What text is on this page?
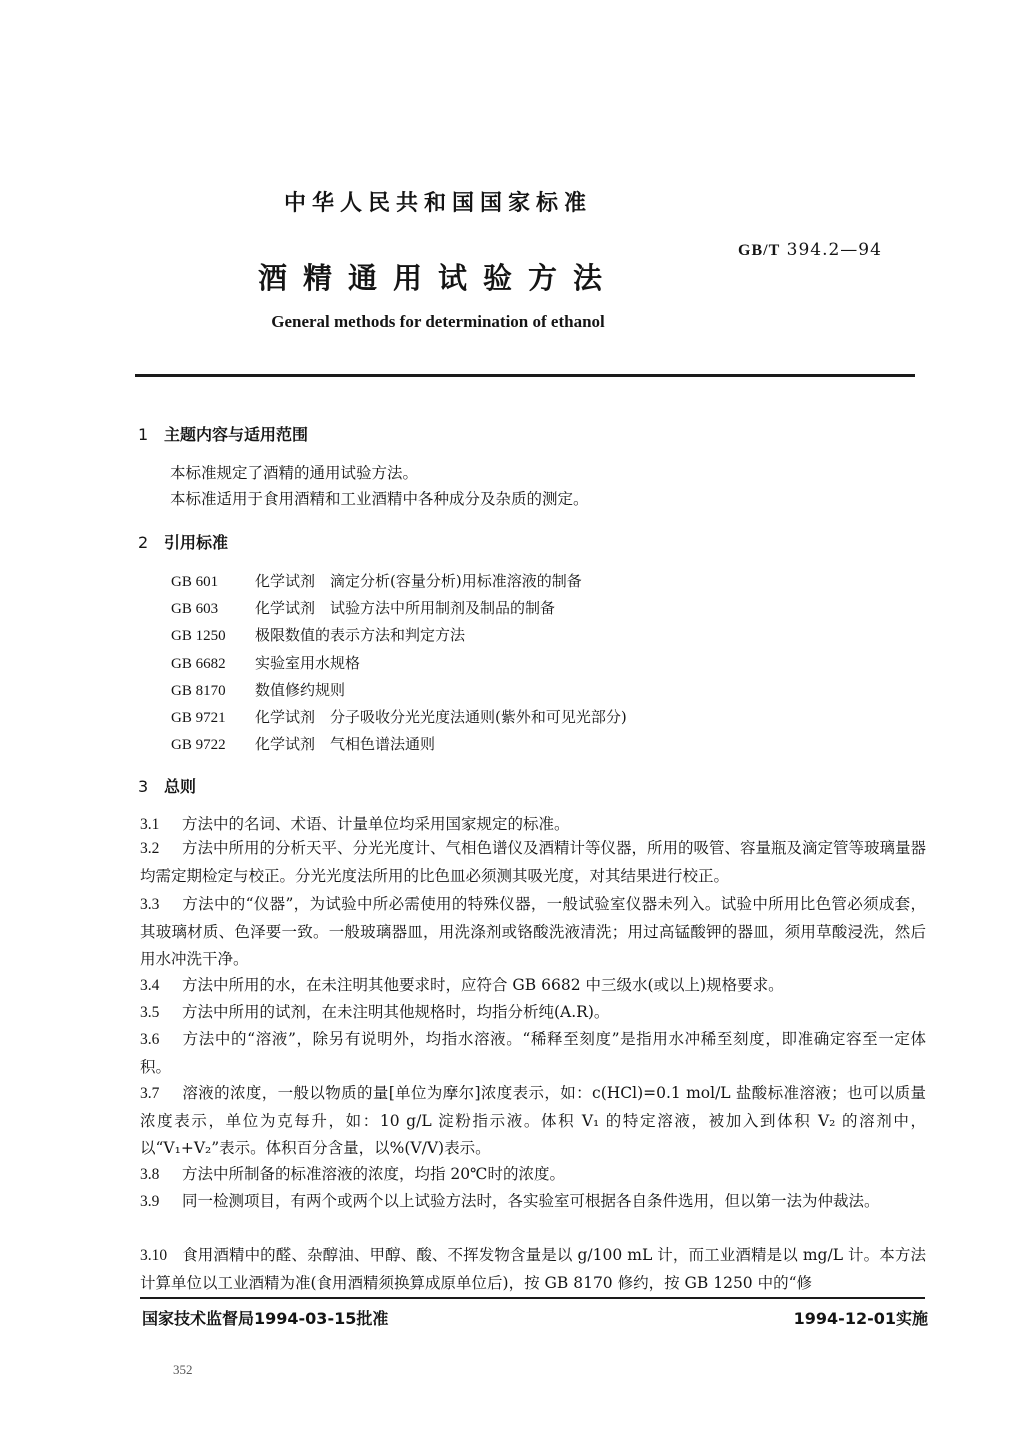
中华人民共和国国家标准
GB/T 394.2—94
酒精通用试验方法
General methods for determination of ethanol
1 主题内容与适用范围
本标准规定了酒精的通用试验方法。
本标准适用于食用酒精和工业酒精中各种成分及杂质的测定。
2 引用标准
GB 601 化学试剂　滴定分析(容量分析)用标准溶液的制备
GB 603 化学试剂　试验方法中所用制剂及制品的制备
GB 1250 极限数值的表示方法和判定方法
GB 6682 实验室用水规格
GB 8170 数值修约规则
GB 9721 化学试剂　分子吸收分光光度法通则(紫外和可见光部分)
GB 9722 化学试剂　气相色谱法通则
3 总则
3.1 方法中的名词、术语、计量单位均采用国家规定的标准。
3.2 方法中所用的分析天平、分光光度计、气相色谱仪及酒精计等仪器，所用的吸管、容量瓶及滴定管等玻璃量器均需定期检定与校正。分光光度法所用的比色皿必须测其吸光度，对其结果进行校正。
3.3 方法中的“仪器”，为试验中所必需使用的特殊仪器，一般试验室仪器未列入。试验中所用比色管必须成套，其玻璃材质、色泽要一致。一般玻璃器皿，用洗涤剂或铬酸洗液清洗；用过高锰酸钾的器皿，须用草酸浸洗，然后用水冲洗干净。
3.4 方法中所用的水，在未注明其他要求时，应符合 GB 6682 中三级水(或以上)规格要求。
3.5 方法中所用的试剂，在未注明其他规格时，均指分析纯(A.R)。
3.6 方法中的“溶液”，除另有说明外，均指水溶液。“稀释至刻度”是指用水冲稀至刻度，即准确定容至一定体积。
3.7 溶液的浓度，一般以物质的量[单位为摩尔]浓度表示，如：c(HCl)=0.1 mol/L 盐酸标准溶液；也可以质量浓度表示，单位为克每升，如：10 g/L 淀粉指示液。体积 V₁ 的特定溶液，被加入到体积 V₂ 的溶剂中，以“V₁+V₂”表示。体积百分含量，以%(V/V)表示。
3.8 方法中所制备的标准溶液的浓度，均指 20℃时的浓度。
3.9 同一检测项目，有两个或两个以上试验方法时，各实验室可根据各自条件选用，但以第一法为仲裁法。
3.10 食用酒精中的醛、杂醇油、甲醇、酸、不挥发物含量是以 g/100 mL 计，而工业酒精是以 mg/L 计。本方法计算单位以工业酒精为准(食用酒精须换算成原单位后)，按 GB 8170 修约，按 GB 1250 中的“修
国家技术监督局1994-03-15批准	1994-12-01实施
352
